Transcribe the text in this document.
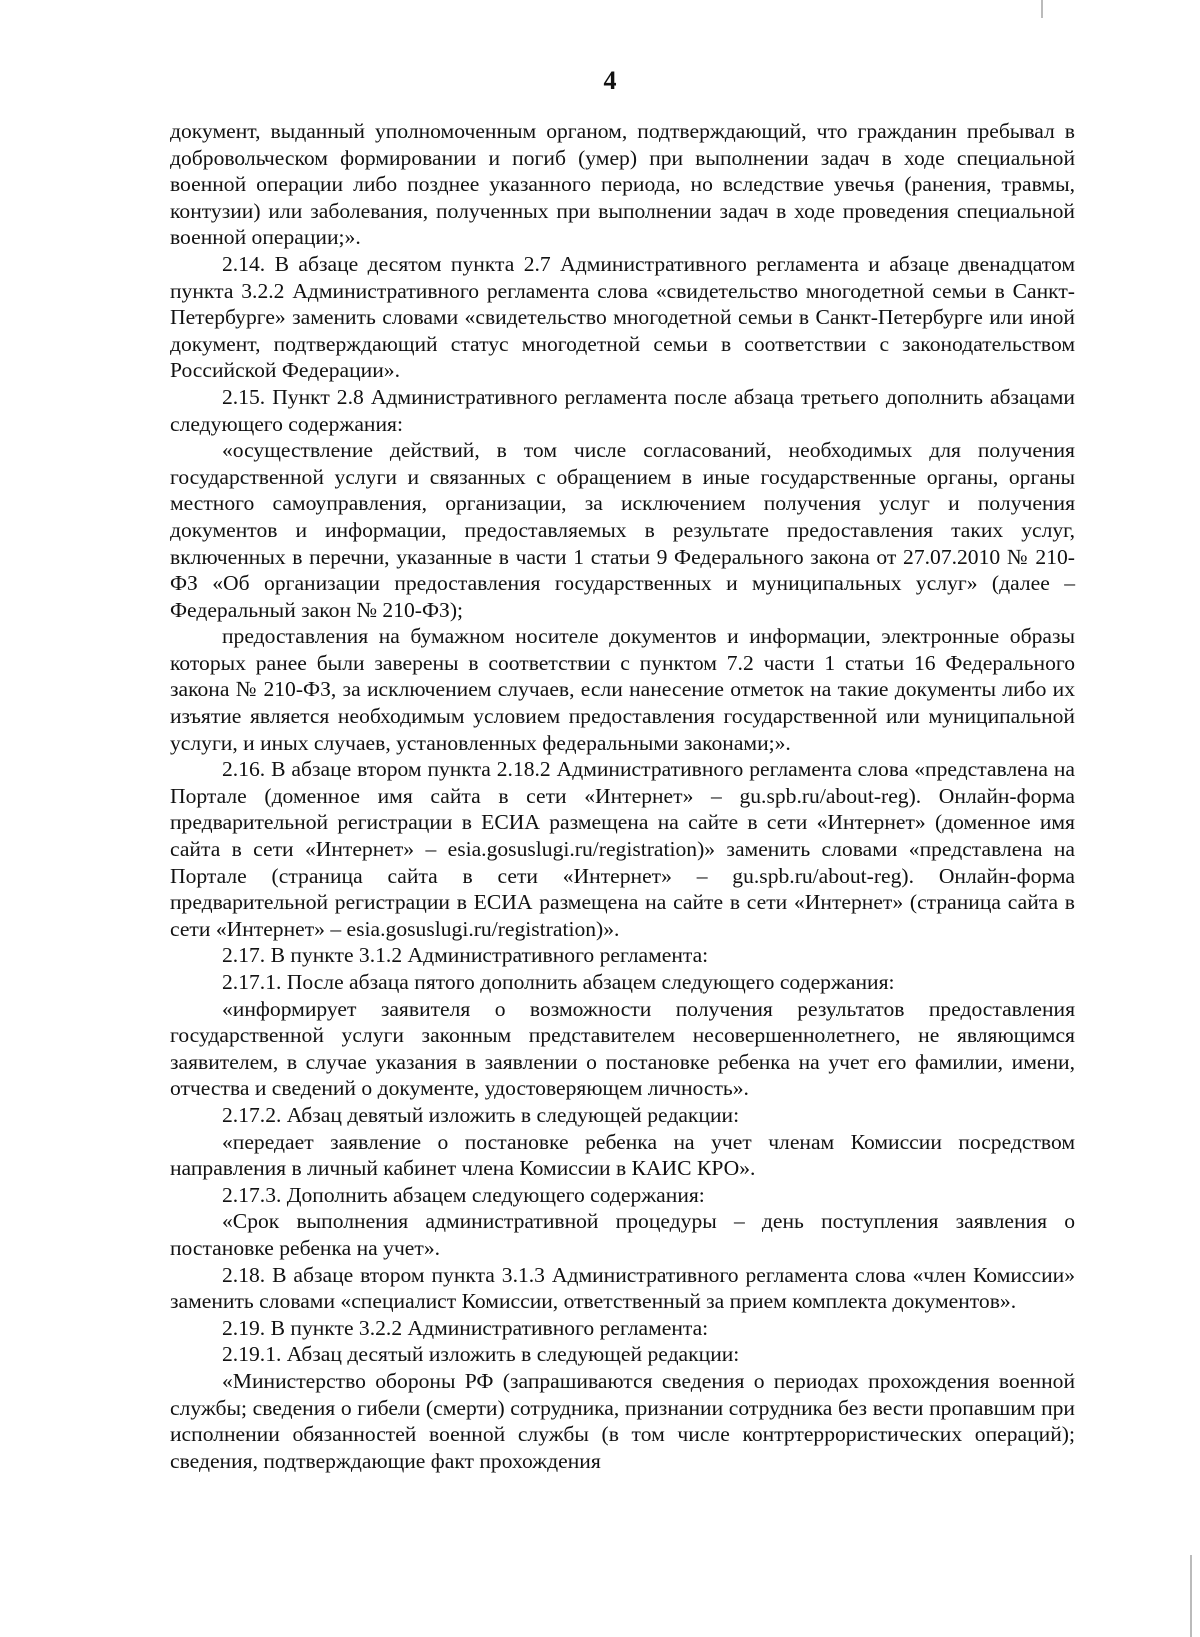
4

документ, выданный уполномоченным органом, подтверждающий, что гражданин пребывал в добровольческом формировании и погиб (умер) при выполнении задач в ходе специальной военной операции либо позднее указанного периода, но вследствие увечья (ранения, травмы, контузии) или заболевания, полученных при выполнении задач в ходе проведения специальной военной операции;».

2.14. В абзаце десятом пункта 2.7 Административного регламента и абзаце двенадцатом пункта 3.2.2 Административного регламента слова «свидетельство многодетной семьи в Санкт-Петербурге» заменить словами «свидетельство многодетной семьи в Санкт-Петербурге или иной документ, подтверждающий статус многодетной семьи в соответствии с законодательством Российской Федерации».

2.15. Пункт 2.8 Административного регламента после абзаца третьего дополнить абзацами следующего содержания:

«осуществление действий, в том числе согласований, необходимых для получения государственной услуги и связанных с обращением в иные государственные органы, органы местного самоуправления, организации, за исключением получения услуг и получения документов и информации, предоставляемых в результате предоставления таких услуг, включенных в перечни, указанные в части 1 статьи 9 Федерального закона от 27.07.2010 № 210-ФЗ «Об организации предоставления государственных и муниципальных услуг» (далее – Федеральный закон № 210-ФЗ);

предоставления на бумажном носителе документов и информации, электронные образы которых ранее были заверены в соответствии с пунктом 7.2 части 1 статьи 16 Федерального закона № 210-ФЗ, за исключением случаев, если нанесение отметок на такие документы либо их изъятие является необходимым условием предоставления государственной или муниципальной услуги, и иных случаев, установленных федеральными законами;».

2.16. В абзаце втором пункта 2.18.2 Административного регламента слова «представлена на Портале (доменное имя сайта в сети «Интернет» – gu.spb.ru/about-reg). Онлайн-форма предварительной регистрации в ЕСИА размещена на сайте в сети «Интернет» (доменное имя сайта в сети «Интернет» – esia.gosuslugi.ru/registration)» заменить словами «представлена на Портале (страница сайта в сети «Интернет» – gu.spb.ru/about-reg). Онлайн-форма предварительной регистрации в ЕСИА размещена на сайте в сети «Интернет» (страница сайта в сети «Интернет» – esia.gosuslugi.ru/registration)».

2.17. В пункте 3.1.2 Административного регламента:

2.17.1. После абзаца пятого дополнить абзацем следующего содержания:

«информирует заявителя о возможности получения результатов предоставления государственной услуги законным представителем несовершеннолетнего, не являющимся заявителем, в случае указания в заявлении о постановке ребенка на учет его фамилии, имени, отчества и сведений о документе, удостоверяющем личность».

2.17.2. Абзац девятый изложить в следующей редакции:

«передает заявление о постановке ребенка на учет членам Комиссии посредством направления в личный кабинет члена Комиссии в КАИС КРО».

2.17.3. Дополнить абзацем следующего содержания:

«Срок выполнения административной процедуры – день поступления заявления о постановке ребенка на учет».

2.18. В абзаце втором пункта 3.1.3 Административного регламента слова «член Комиссии» заменить словами «специалист Комиссии, ответственный за прием комплекта документов».

2.19. В пункте 3.2.2 Административного регламента:

2.19.1. Абзац десятый изложить в следующей редакции:

«Министерство обороны РФ (запрашиваются сведения о периодах прохождения военной службы; сведения о гибели (смерти) сотрудника, признании сотрудника без вести пропавшим при исполнении обязанностей военной службы (в том числе контртеррористических операций); сведения, подтверждающие факт прохождения
